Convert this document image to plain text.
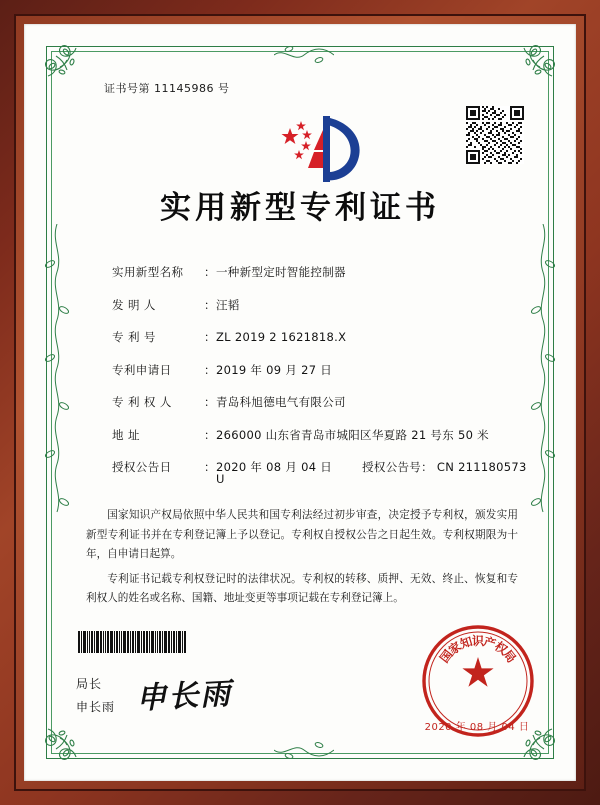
证书号第 11145986 号
实用新型专利证书
实用新型名称	： 一种新型定时智能控制器
发 明 人	： 汪韬
专 利 号	： ZL 2019 2 1621818.X
专利申请日	： 2019 年 09 月 27 日
专 利 权 人	： 青岛科旭德电气有限公司
地 址	： 266000 山东省青岛市城阳区华夏路 21 号东 50 米
授权公告日	： 2020 年 08 月 04 日	授权公告号： CN 211180573 U

国家知识产权局依照中华人民共和国专利法经过初步审查，决定授予专利权，颁发实用新型专利证书并在专利登记簿上予以登记。专利权自授权公告之日起生效。专利权期限为十年，自申请日起算。

专利证书记载专利权登记时的法律状况。专利权的转移、质押、无效、终止、恢复和专利权人的姓名或名称、国籍、地址变更等事项记载在专利登记簿上。

局长
申长雨 申长雨
国
家
知
识
产
权
局
2020 年 08 月 04 日
